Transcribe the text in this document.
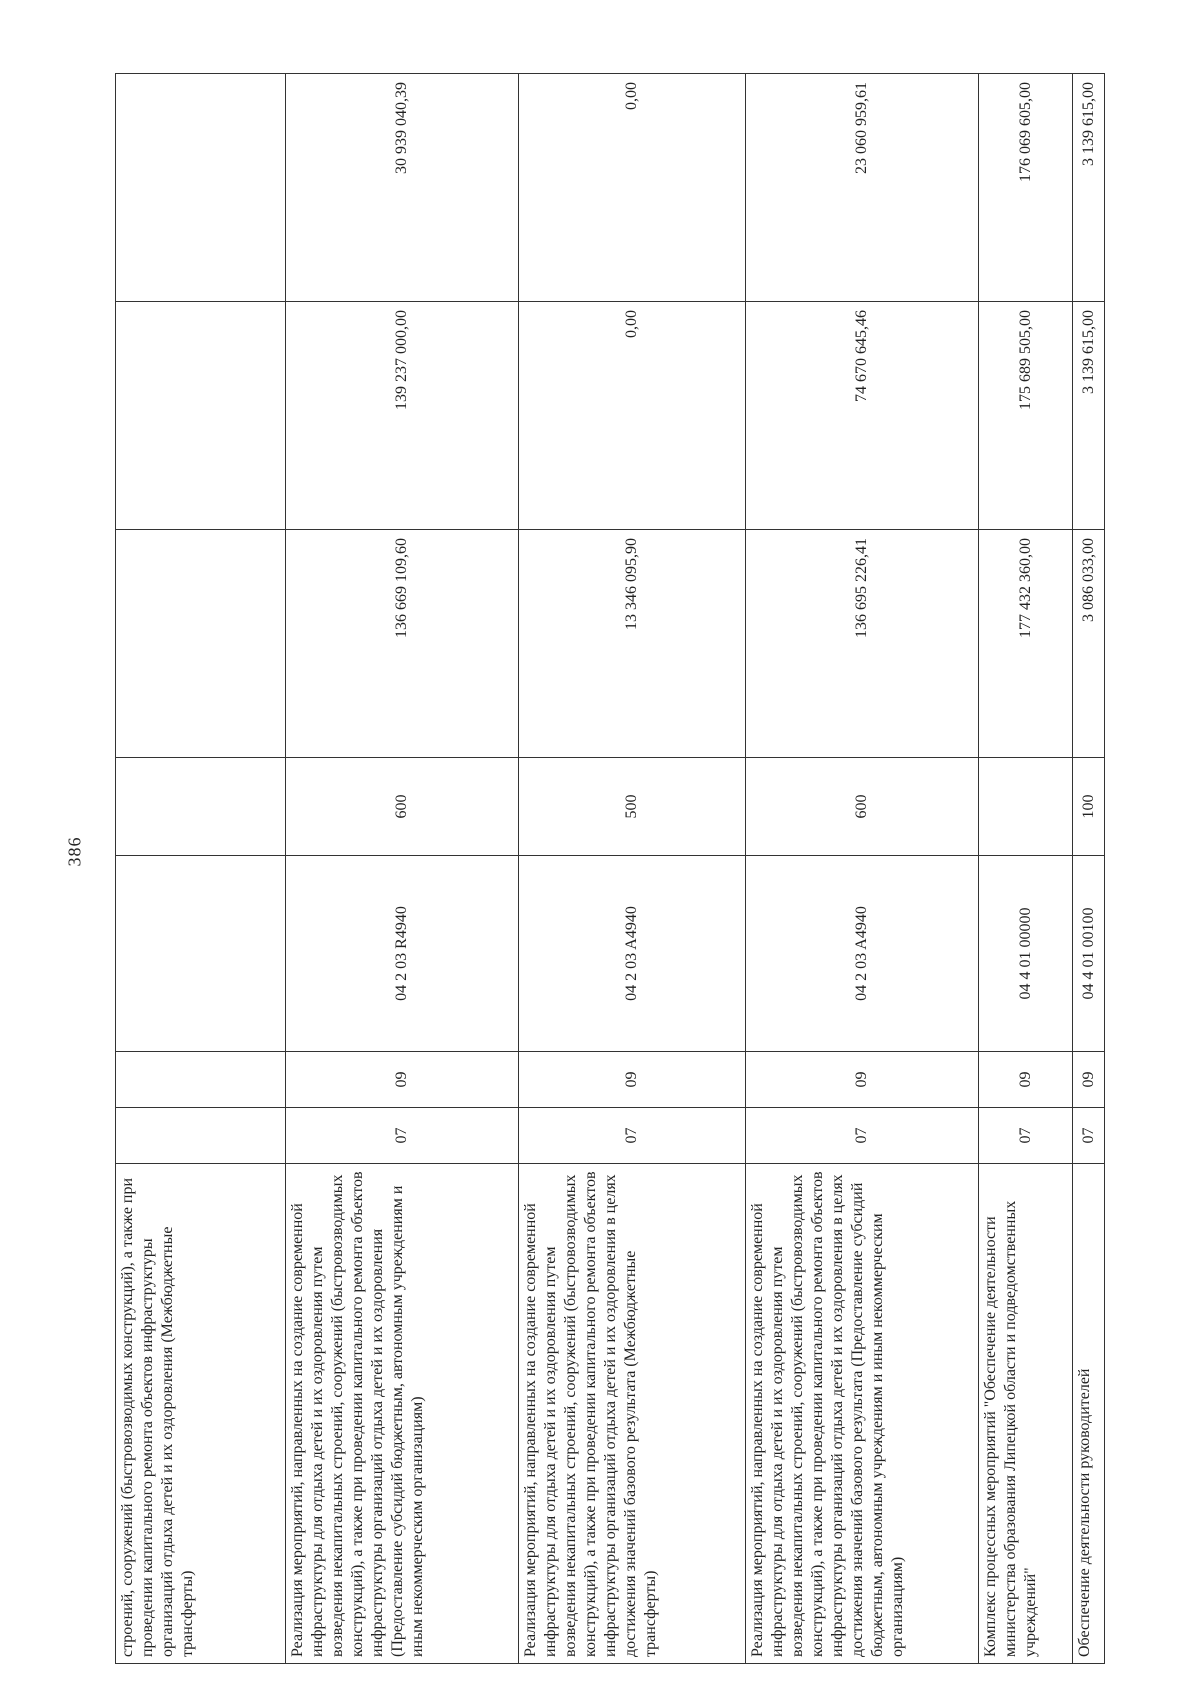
386
строений, сооружений (быстровозводимых конструкций), а также при проведении капитального ремонта объектов инфраструктуры организаций отдыха детей и их оздоровления (Межбюджетные трансферты)							
Реализация мероприятий, направленных на создание современной инфраструктуры для отдыха детей и их оздоровления путем возведения некапитальных строений, сооружений (быстровозводимых конструкций), а также при проведении капитального ремонта объектов инфраструктуры организаций отдыха детей и их оздоровления (Предоставление субсидий бюджетным, автономным учреждениям и иным некоммерческим организациям)	07	09	04 2 03 R4940	600	136 669 109,60	139 237 000,00	30 939 040,39
Реализация мероприятий, направленных на создание современной инфраструктуры для отдыха детей и их оздоровления путем возведения некапитальных строений, сооружений (быстровозводимых конструкций), а также при проведении капитального ремонта объектов инфраструктуры организаций отдыха детей и их оздоровления в целях достижения значений базового результата (Межбюджетные трансферты)	07	09	04 2 03 A4940	500	13 346 095,90	0,00	0,00
Реализация мероприятий, направленных на создание современной инфраструктуры для отдыха детей и их оздоровления путем возведения некапитальных строений, сооружений (быстровозводимых конструкций), а также при проведении капитального ремонта объектов инфраструктуры организаций отдыха детей и их оздоровления в целях достижения значений базового результата (Предоставление субсидий бюджетным, автономным учреждениям и иным некоммерческим организациям)	07	09	04 2 03 A4940	600	136 695 226,41	74 670 645,46	23 060 959,61
Комплекс процессных мероприятий "Обеспечение деятельности министерства образования Липецкой области и подведомственных учреждений"	07	09	04 4 01 00000		177 432 360,00	175 689 505,00	176 069 605,00
Обеспечение деятельности руководителей	07	09	04 4 01 00100	100	3 086 033,00	3 139 615,00	3 139 615,00
